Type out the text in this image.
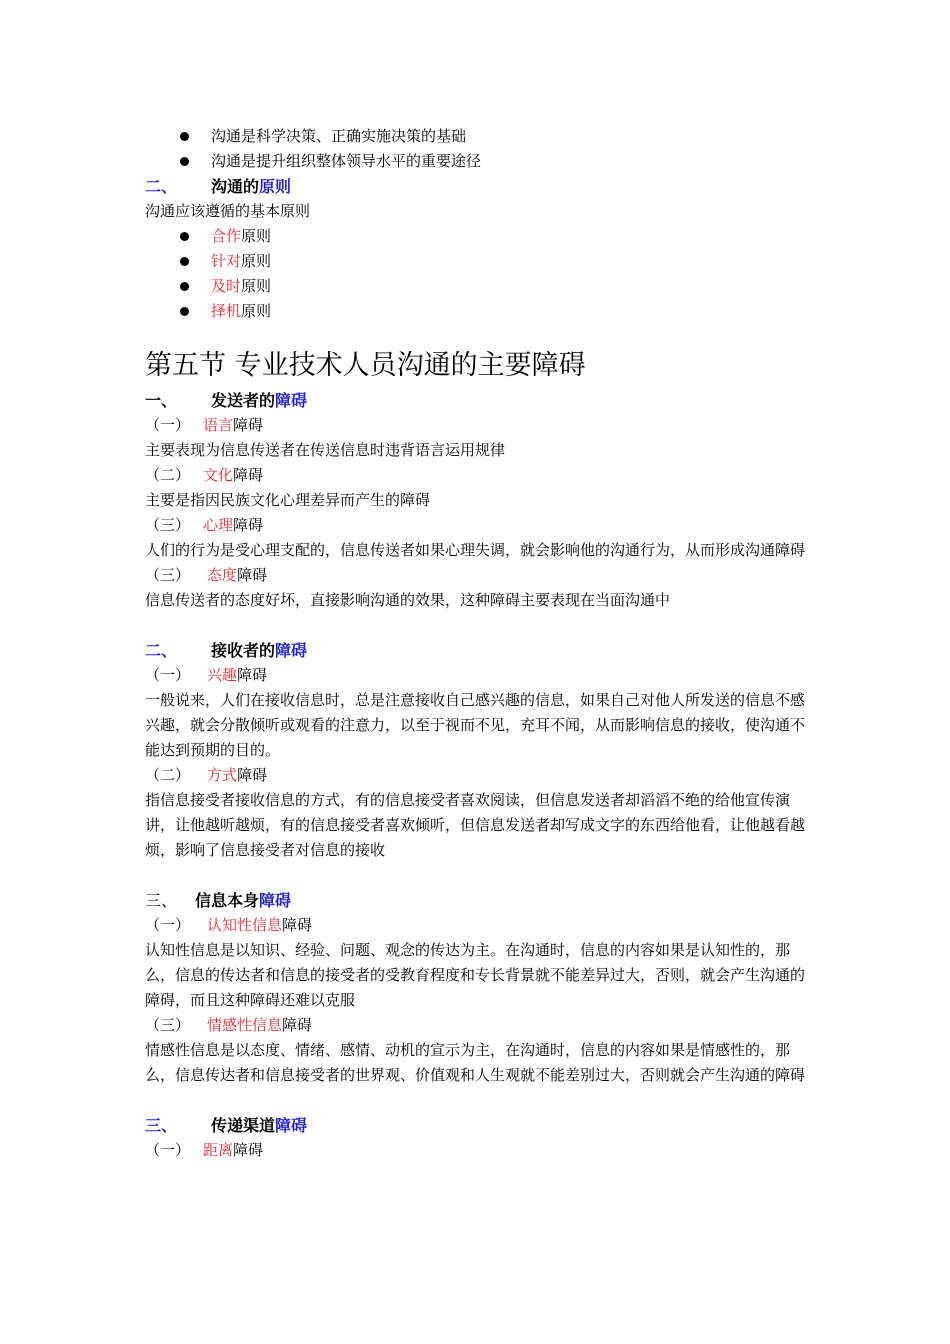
沟通是科学决策、正确实施决策的基础
沟通是提升组织整体领导水平的重要途径
二、 沟通的原则
沟通应该遵循的基本原则
合作原则
针对原则
及时原则
择机原则
第五节 专业技术人员沟通的主要障碍
一、 发送者的障碍
（一） 语言障碍
主要表现为信息传送者在传送信息时违背语言运用规律
（二） 文化障碍
主要是指因民族文化心理差异而产生的障碍
（三） 心理障碍
人们的行为是受心理支配的，信息传送者如果心理失调，就会影响他的沟通行为，从而形成沟通障碍
（三） 态度障碍
信息传送者的态度好坏，直接影响沟通的效果，这种障碍主要表现在当面沟通中
二、 接收者的障碍
（一） 兴趣障碍
一般说来，人们在接收信息时，总是注意接收自己感兴趣的信息，如果自己对他人所发送的信息不感兴趣，就会分散倾听或观看的注意力，以至于视而不见，充耳不闻，从而影响信息的接收，使沟通不能达到预期的目的。
（二） 方式障碍
指信息接受者接收信息的方式，有的信息接受者喜欢阅读，但信息发送者却滔滔不绝的给他宣传演讲，让他越听越烦，有的信息接受者喜欢倾听，但信息发送者却写成文字的东西给他看，让他越看越烦，影响了信息接受者对信息的接收
三、 信息本身障碍
（一） 认知性信息障碍
认知性信息是以知识、经验、问题、观念的传达为主。在沟通时，信息的内容如果是认知性的，那么，信息的传达者和信息的接受者的受教育程度和专长背景就不能差异过大，否则，就会产生沟通的障碍，而且这种障碍还难以克服
（三） 情感性信息障碍
情感性信息是以态度、情绪、感情、动机的宣示为主，在沟通时，信息的内容如果是情感性的，那么，信息传达者和信息接受者的世界观、价值观和人生观就不能差别过大，否则就会产生沟通的障碍
三、 传递渠道障碍
（一） 距离障碍
